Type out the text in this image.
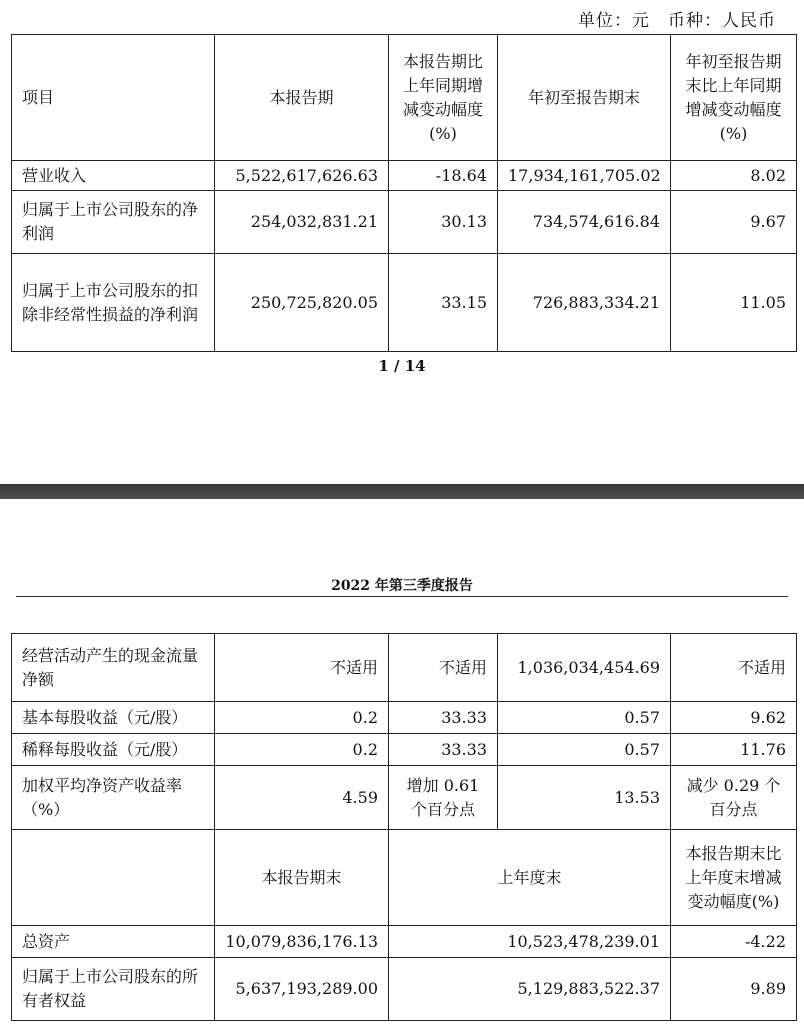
单位：元　币种：人民币
项目	本报告期	本报告期比上年同期增减变动幅度(%)	年初至报告期末	年初至报告期末比上年同期增减变动幅度(%)
营业收入	5,522,617,626.63	-18.64	17,934,161,705.02	8.02
归属于上市公司股东的净利润	254,032,831.21	30.13	734,574,616.84	9.67
归属于上市公司股东的扣除非经常性损益的净利润	250,725,820.05	33.15	726,883,334.21	11.05
1 / 14
2022 年第三季度报告
经营活动产生的现金流量净额	不适用	不适用	1,036,034,454.69	不适用
基本每股收益（元/股）	0.2	33.33	0.57	9.62
稀释每股收益（元/股）	0.2	33.33	0.57	11.76
加权平均净资产收益率（%）	4.59	增加 0.61 个百分点	13.53	减少 0.29 个百分点
	本报告期末	上年度末		本报告期末比上年度末增减变动幅度(%)
总资产	10,079,836,176.13	10,523,478,239.01		-4.22
归属于上市公司股东的所有者权益	5,637,193,289.00	5,129,883,522.37		9.89
